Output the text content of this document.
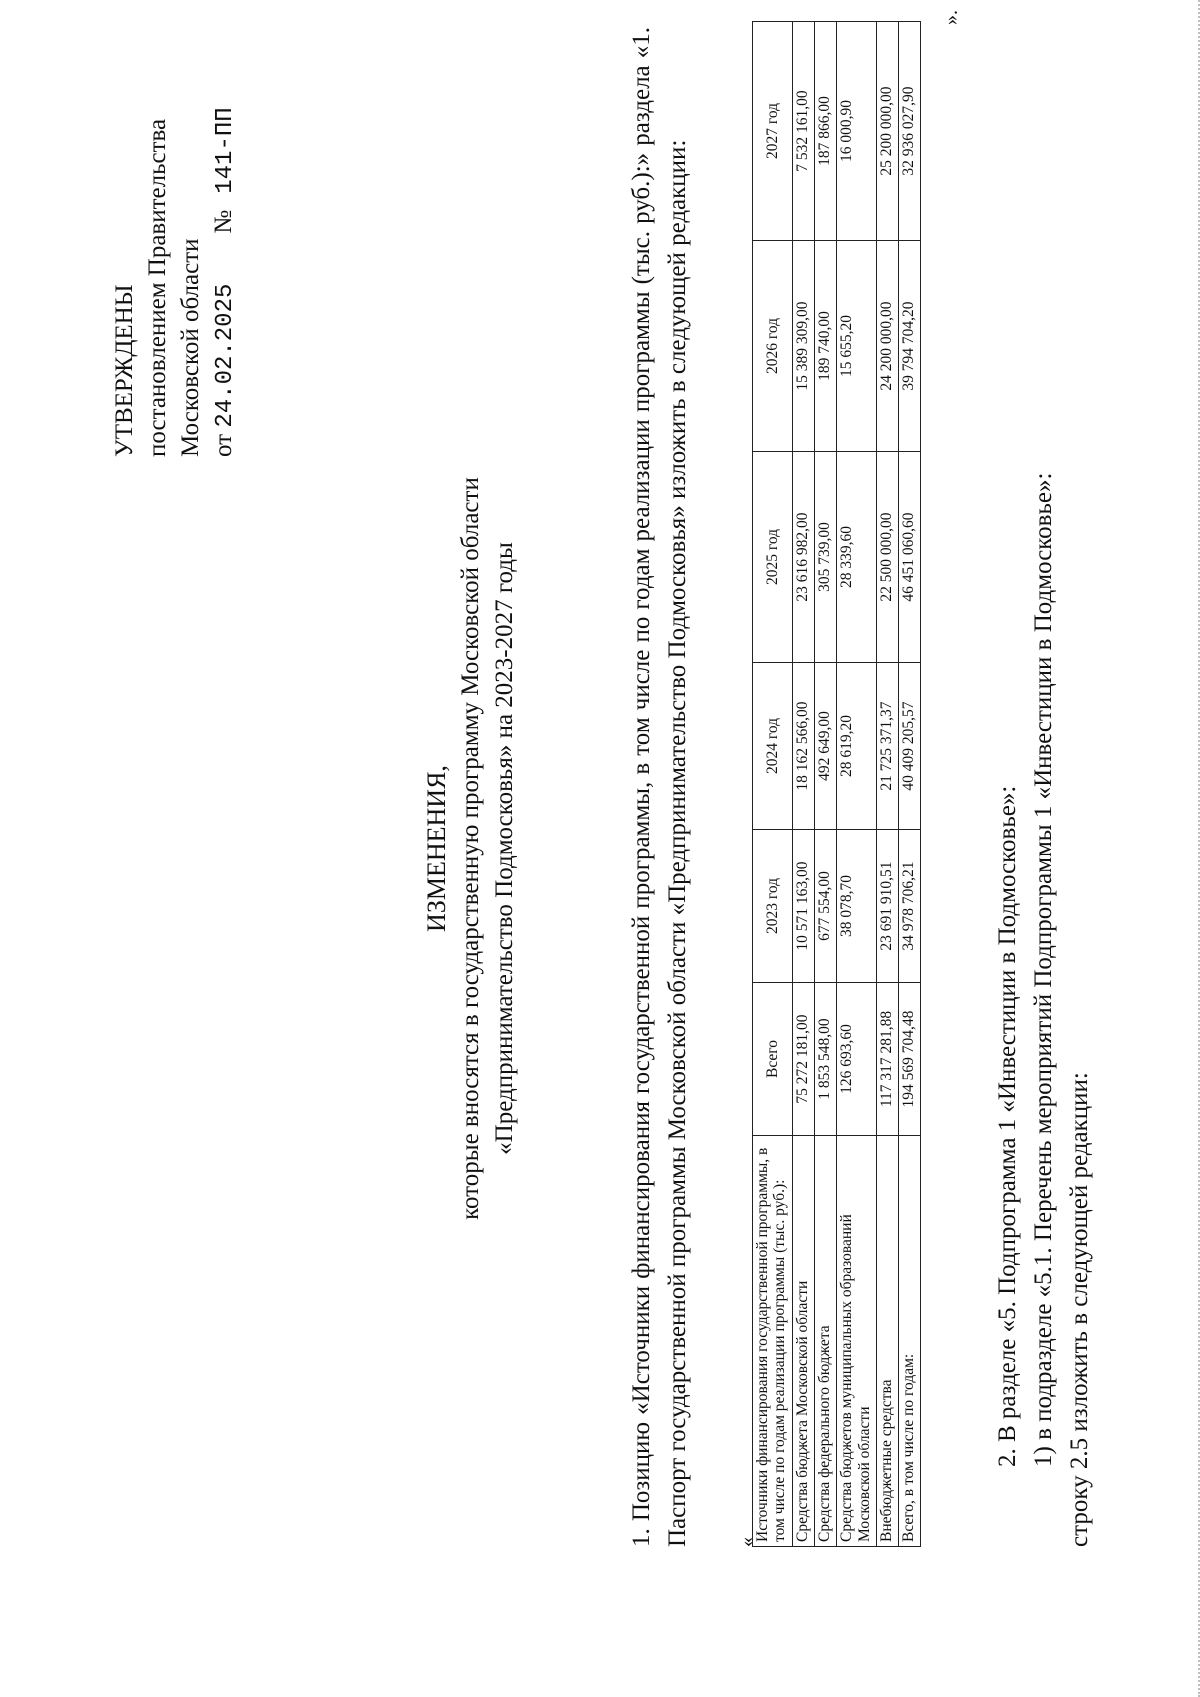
УТВЕРЖДЕНЫ постановлением Правительства Московской области от 24.02.2025№141-ПП
ИЗМЕНЕНИЯ, которые вносятся в государственную программу Московской области «Предпринимательство Подмосковья» на 2023-2027 годы	1. Позицию «Источники финансирования государственной программы, в том числе по годам реализации программы (тыс. руб.):» раздела «1. Паспорт государственной программы Московской области «Предпринимательство Подмосковья» изложить в следующей редакции: «
Источники финансирования государственной программы, в том числе по годам реализации программы (тыс. руб.):	Всего	2023 год	2024 год	2025 год	2026 год	2027 год
Средства бюджета Московской области	75 272 181,00	10 571 163,00	18 162 566,00	23 616 982,00	15 389 309,00	7 532 161,00
Средства федерального бюджета	1 853 548,00	677 554,00	492 649,00	305 739,00	189 740,00	187 866,00
Средства бюджетов муниципальных образований Московской области	126 693,60	38 078,70	28 619,20	28 339,60	15 655,20	16 000,90
Внебюджетные средства	117 317 281,88	23 691 910,51	21 725 371,37	22 500 000,00	24 200 000,00	25 200 000,00
Всего, в том числе по годам:	194 569 704,48	34 978 706,21	40 409 205,57	46 451 060,60	39 794 704,20	32 936 027,90
».
2. В разделе «5. Подпрограмма 1 «Инвестиции в Подмосковье»: 1) в подразделе «5.1. Перечень мероприятий Подпрограммы 1 «Инвестиции в Подмосковье»: строку 2.5 изложить в следующей редакции:
